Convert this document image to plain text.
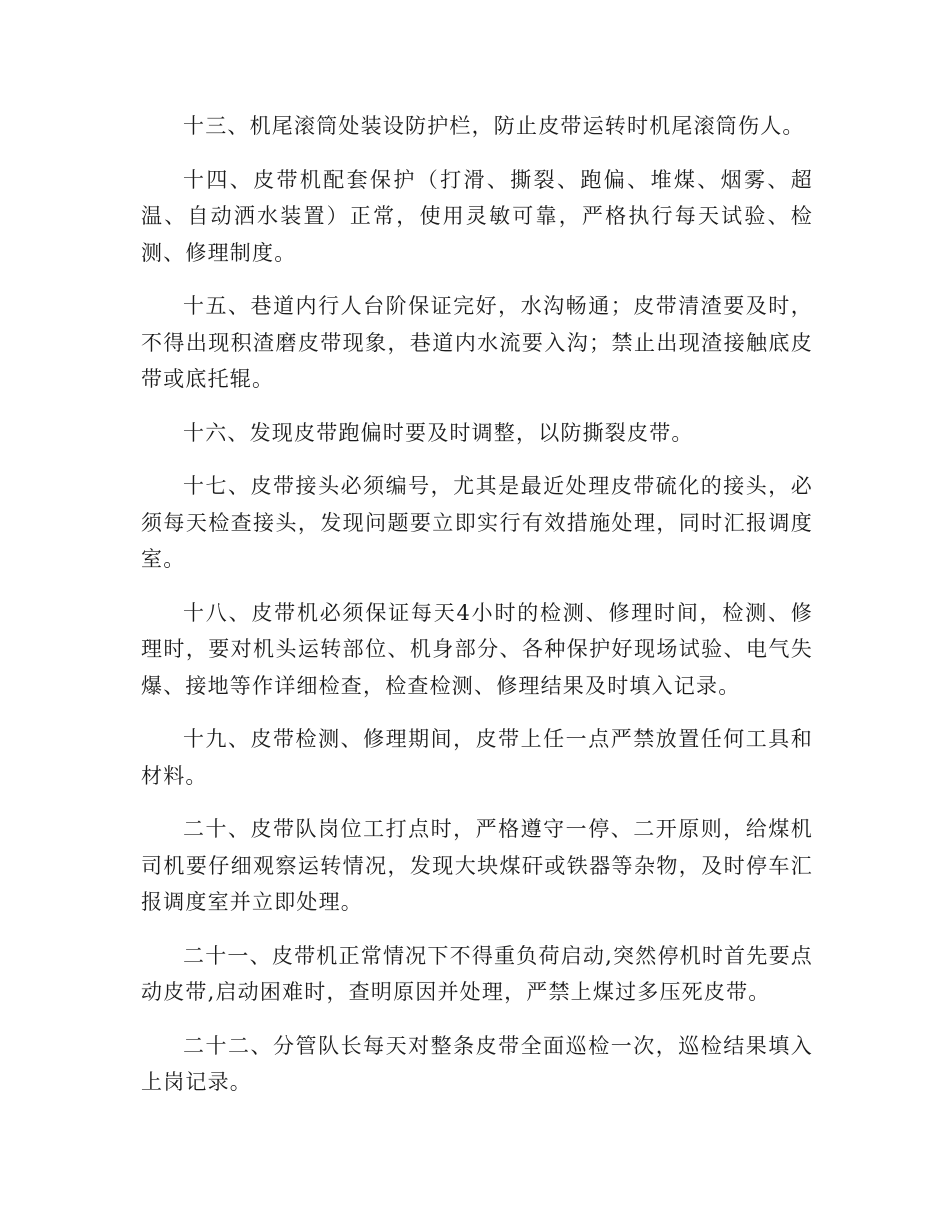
十三、机尾滚筒处装设防护栏，防止皮带运转时机尾滚筒伤人。

十四、皮带机配套保护（打滑、撕裂、跑偏、堆煤、烟雾、超温、自动洒水装置）正常，使用灵敏可靠，严格执行每天试验、检测、修理制度。

十五、巷道内行人台阶保证完好，水沟畅通；皮带清渣要及时，不得出现积渣磨皮带现象，巷道内水流要入沟；禁止出现渣接触底皮带或底托辊。

十六、发现皮带跑偏时要及时调整，以防撕裂皮带。

十七、皮带接头必须编号，尤其是最近处理皮带硫化的接头，必须每天检查接头，发现问题要立即实行有效措施处理，同时汇报调度室。

十八、皮带机必须保证每天4小时的检测、修理时间，检测、修理时，要对机头运转部位、机身部分、各种保护好现场试验、电气失爆、接地等作详细检查，检查检测、修理结果及时填入记录。

十九、皮带检测、修理期间，皮带上任一点严禁放置任何工具和材料。

二十、皮带队岗位工打点时，严格遵守一停、二开原则，给煤机司机要仔细观察运转情况，发现大块煤矸或铁器等杂物，及时停车汇报调度室并立即处理。

二十一、皮带机正常情况下不得重负荷启动,突然停机时首先要点动皮带,启动困难时，查明原因并处理，严禁上煤过多压死皮带。

二十二、分管队长每天对整条皮带全面巡检一次，巡检结果填入上岗记录。
